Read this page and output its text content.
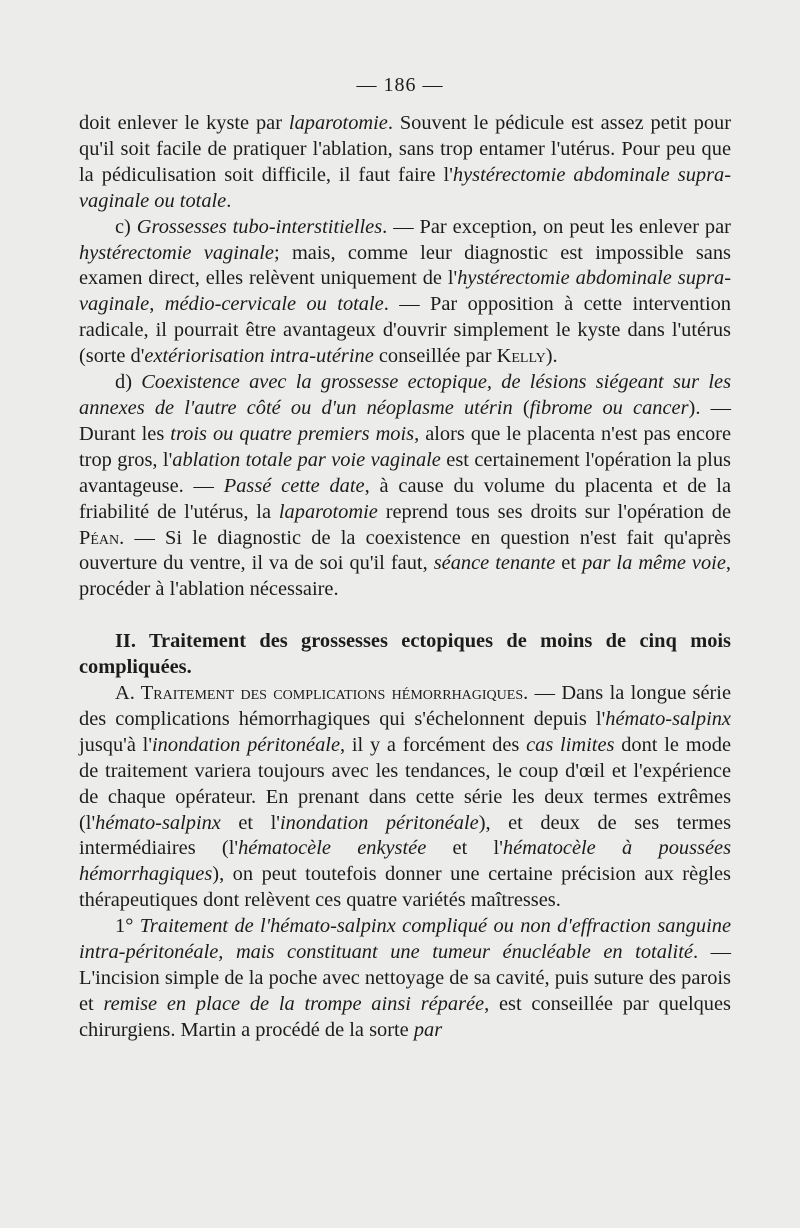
— 186 —

doit enlever le kyste par laparotomie. Souvent le pédicule est assez petit pour qu'il soit facile de pratiquer l'ablation, sans trop entamer l'utérus. Pour peu que la pédiculisation soit difficile, il faut faire l'hystérectomie abdominale supra-vaginale ou totale.

c) Grossesses tubo-interstitielles. — Par exception, on peut les enlever par hystérectomie vaginale; mais, comme leur diagnostic est impossible sans examen direct, elles relèvent uniquement de l'hystérectomie abdominale supra-vaginale, médio-cervicale ou totale. — Par opposition à cette intervention radicale, il pourrait être avantageux d'ouvrir simplement le kyste dans l'utérus (sorte d'extériorisation intra-utérine conseillée par Kelly).

d) Coexistence avec la grossesse ectopique, de lésions siégeant sur les annexes de l'autre côté ou d'un néoplasme utérin (fibrome ou cancer). — Durant les trois ou quatre premiers mois, alors que le placenta n'est pas encore trop gros, l'ablation totale par voie vaginale est certainement l'opération la plus avantageuse. — Passé cette date, à cause du volume du placenta et de la friabilité de l'utérus, la laparotomie reprend tous ses droits sur l'opération de Péan. — Si le diagnostic de la coexistence en question n'est fait qu'après ouverture du ventre, il va de soi qu'il faut, séance tenante et par la même voie, procéder à l'ablation nécessaire.

II. Traitement des grossesses ectopiques de moins de cinq mois compliquées.

A. Traitement des complications hémorrhagiques. — Dans la longue série des complications hémorrhagiques qui s'échelonnent depuis l'hémato-salpinx jusqu'à l'inondation péritonéale, il y a forcément des cas limites dont le mode de traitement variera toujours avec les tendances, le coup d'œil et l'expérience de chaque opérateur. En prenant dans cette série les deux termes extrêmes (l'hémato-salpinx et l'inondation péritonéale), et deux de ses termes intermédiaires (l'hématocèle enkystée et l'hématocèle à poussées hémorrhagiques), on peut toutefois donner une certaine précision aux règles thérapeutiques dont relèvent ces quatre variétés maîtresses.

1° Traitement de l'hémato-salpinx compliqué ou non d'effraction sanguine intra-péritonéale, mais constituant une tumeur énucléable en totalité. — L'incision simple de la poche avec nettoyage de sa cavité, puis suture des parois et remise en place de la trompe ainsi réparée, est conseillée par quelques chirurgiens. Martin a procédé de la sorte par
